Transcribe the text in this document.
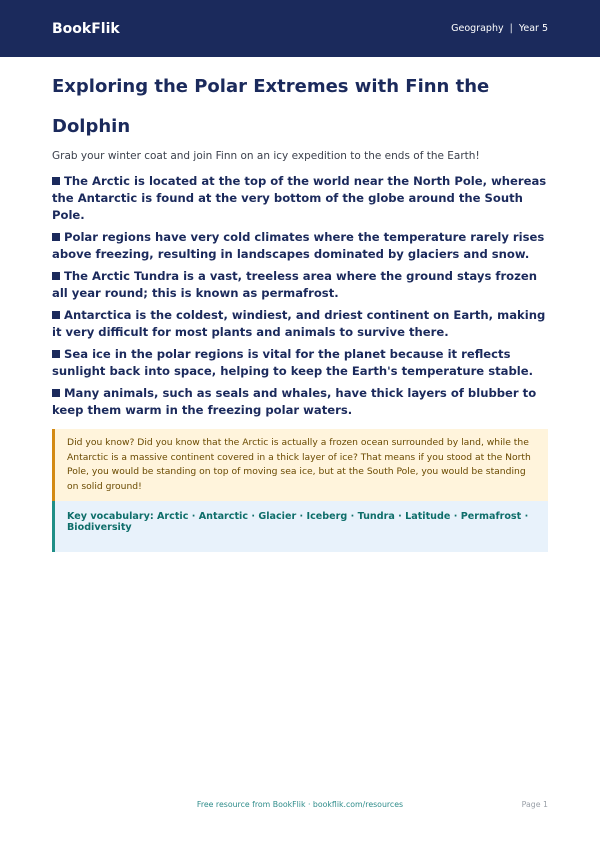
BookFlik	Geography | Year 5
Exploring the Polar Extremes with Finn the Dolphin

Grab your winter coat and join Finn on an icy expedition to the ends of the Earth!

The Arctic is located at the top of the world near the North Pole, whereas the Antarctic is found at the very bottom of the globe around the South Pole.
Polar regions have very cold climates where the temperature rarely rises above freezing, resulting in landscapes dominated by glaciers and snow.
The Arctic Tundra is a vast, treeless area where the ground stays frozen all year round; this is known as permafrost.
Antarctica is the coldest, windiest, and driest continent on Earth, making it very difficult for most plants and animals to survive there.
Sea ice in the polar regions is vital for the planet because it reflects sunlight back into space, helping to keep the Earth's temperature stable.
Many animals, such as seals and whales, have thick layers of blubber to keep them warm in the freezing polar waters.
Did you know? Did you know that the Arctic is actually a frozen ocean surrounded by land, while the Antarctic is a massive continent covered in a thick layer of ice? That means if you stood at the North Pole, you would be standing on top of moving sea ice, but at the South Pole, you would be standing on solid ground!
Key vocabulary: Arctic · Antarctic · Glacier · Iceberg · Tundra · Latitude · Permafrost · Biodiversity
Free resource from BookFlik · bookflik.com/resources	Page 1
